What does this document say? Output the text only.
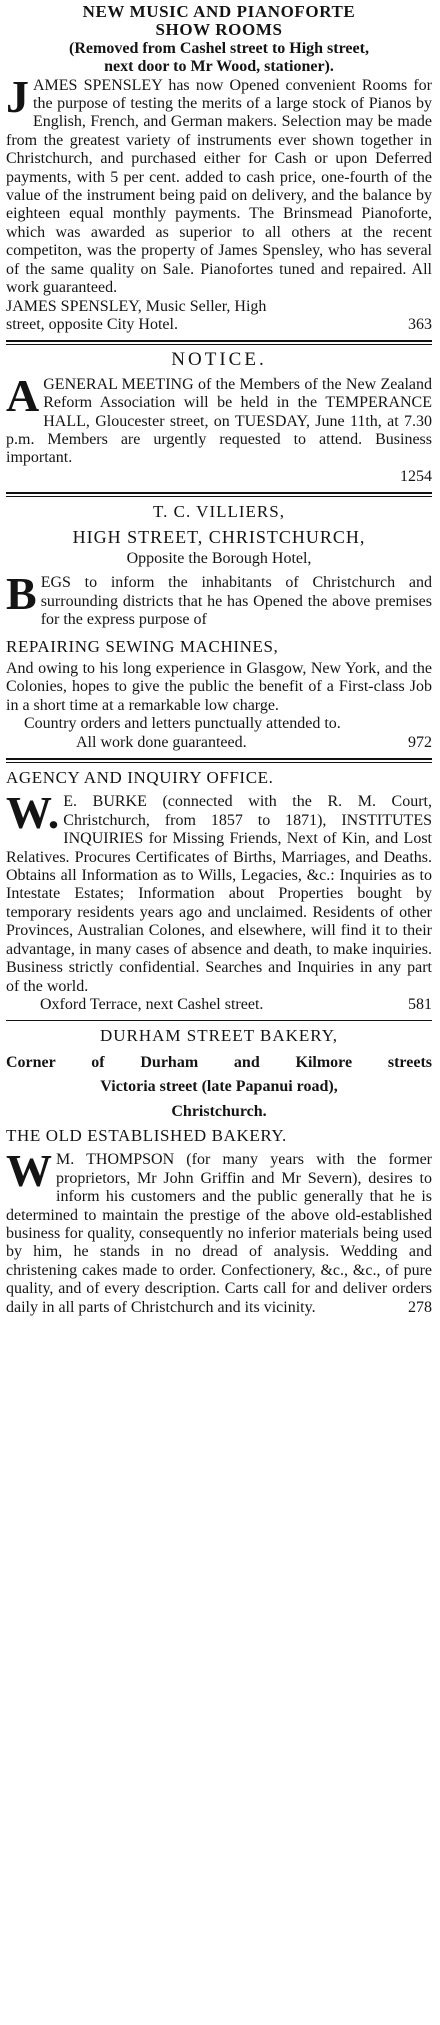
NEW MUSIC AND PIANOFORTE

SHOW ROOMS

(Removed from Cashel street to High street,

next door to Mr Wood, stationer).

JAMES SPENSLEY has now Opened convenient Rooms for the purpose of testing the merits of a large stock of Pianos by English, French, and German makers. Selection may be made from the greatest variety of instruments ever shown together in Christchurch, and purchased either for Cash or upon Deferred payments, with 5 per cent. added to cash price, one-fourth of the value of the instrument being paid on delivery, and the balance by eighteen equal monthly payments. The Brinsmead Pianoforte, which was awarded as superior to all others at the recent competiton, was the property of James Spensley, who has several of the same quality on Sale. Pianofortes tuned and repaired. All work guaranteed.

JAMES SPENSLEY, Music Seller, High

street, opposite City Hotel.	363

NOTICE.

AGENERAL MEETING of the Members of the New Zealand Reform Association will be held in the TEMPERANCE HALL, Gloucester street, on TUESDAY, June 11th, at 7.30 p.m. Members are urgently requested to attend. Business important.

1254

T. C. VILLIERS,

HIGH STREET, CHRISTCHURCH,

Opposite the Borough Hotel,

BEGS to inform the inhabitants of Christchurch and surrounding districts that he has Opened the above premises for the express purpose of

REPAIRING SEWING MACHINES,

And owing to his long experience in Glasgow, New York, and the Colonies, hopes to give the public the benefit of a First-class Job in a short time at a remarkable low charge.

Country orders and letters punctually attended to.

All work done guaranteed.	972

AGENCY AND INQUIRY OFFICE.

W. E. BURKE (connected with the R. M. Court, Christchurch, from 1857 to 1871), INSTITUTES INQUIRIES for Missing Friends, Next of Kin, and Lost Relatives. Procures Certificates of Births, Marriages, and Deaths. Obtains all Information as to Wills, Legacies, &c.: Inquiries as to Intestate Estates; Information about Properties bought by temporary residents years ago and unclaimed. Residents of other Provinces, Australian Colones, and elsewhere, will find it to their advantage, in many cases of absence and death, to make inquiries. Business strictly confidential. Searches and Inquiries in any part of the world.

Oxford Terrace, next Cashel street.	581

DURHAM STREET BAKERY,

Corner of Durham and Kilmore streets

Victoria street (late Papanui road),

Christchurch.

THE OLD ESTABLISHED BAKERY.

W M. THOMPSON (for many years with the former proprietors, Mr John Griffin and Mr Severn), desires to inform his customers and the public generally that he is determined to maintain the prestige of the above old-established business for quality, consequently no inferior materials being used by him, he stands in no dread of analysis. Wedding and christening cakes made to order. Confectionery, &c., &c., of pure quality, and of every description. Carts call for and deliver orders daily in all parts of Christchurch and its vicinity.	278
